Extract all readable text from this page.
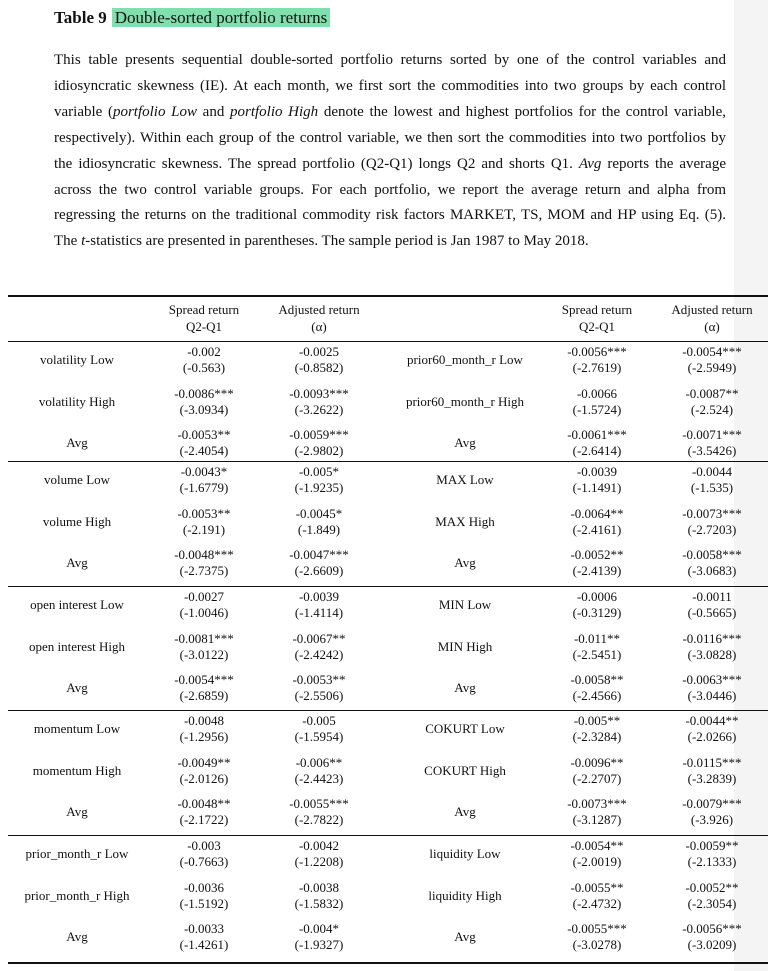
Table 9 Double-sorted portfolio returns
This table presents sequential double-sorted portfolio returns sorted by one of the control variables and idiosyncratic skewness (IE). At each month, we first sort the commodities into two groups by each control variable (portfolio Low and portfolio High denote the lowest and highest portfolios for the control variable, respectively). Within each group of the control variable, we then sort the commodities into two portfolios by the idiosyncratic skewness. The spread portfolio (Q2-Q1) longs Q2 and shorts Q1. Avg reports the average across the two control variable groups. For each portfolio, we report the average return and alpha from regressing the returns on the traditional commodity risk factors MARKET, TS, MOM and HP using Eq. (5). The t-statistics are presented in parentheses. The sample period is Jan 1987 to May 2018.
Spread return
Q2-Q1
Adjusted return
(α)
Spread return
Q2-Q1
Adjusted return
(α)
volatility Low
-0.002
(-0.563)
-0.0025
(-0.8582)
prior60_month_r Low
-0.0056***
(-2.7619)
-0.0054***
(-2.5949)
volatility High
-0.0086***
(-3.0934)
-0.0093***
(-3.2622)
prior60_month_r High
-0.0066
(-1.5724)
-0.0087**
(-2.524)
Avg
-0.0053**
(-2.4054)
-0.0059***
(-2.9802)
Avg
-0.0061***
(-2.6414)
-0.0071***
(-3.5426)
volume Low
-0.0043*
(-1.6779)
-0.005*
(-1.9235)
MAX Low
-0.0039
(-1.1491)
-0.0044
(-1.535)
volume High
-0.0053**
(-2.191)
-0.0045*
(-1.849)
MAX High
-0.0064**
(-2.4161)
-0.0073***
(-2.7203)
Avg
-0.0048***
(-2.7375)
-0.0047***
(-2.6609)
Avg
-0.0052**
(-2.4139)
-0.0058***
(-3.0683)
open interest Low
-0.0027
(-1.0046)
-0.0039
(-1.4114)
MIN Low
-0.0006
(-0.3129)
-0.0011
(-0.5665)
open interest High
-0.0081***
(-3.0122)
-0.0067**
(-2.4242)
MIN High
-0.011**
(-2.5451)
-0.0116***
(-3.0828)
Avg
-0.0054***
(-2.6859)
-0.0053**
(-2.5506)
Avg
-0.0058**
(-2.4566)
-0.0063***
(-3.0446)
momentum Low
-0.0048
(-1.2956)
-0.005
(-1.5954)
COKURT Low
-0.005**
(-2.3284)
-0.0044**
(-2.0266)
momentum High
-0.0049**
(-2.0126)
-0.006**
(-2.4423)
COKURT High
-0.0096**
(-2.2707)
-0.0115***
(-3.2839)
Avg
-0.0048**
(-2.1722)
-0.0055***
(-2.7822)
Avg
-0.0073***
(-3.1287)
-0.0079***
(-3.926)
prior_month_r Low
-0.003
(-0.7663)
-0.0042
(-1.2208)
liquidity Low
-0.0054**
(-2.0019)
-0.0059**
(-2.1333)
prior_month_r High
-0.0036
(-1.5192)
-0.0038
(-1.5832)
liquidity High
-0.0055**
(-2.4732)
-0.0052**
(-2.3054)
Avg
-0.0033
(-1.4261)
-0.004*
(-1.9327)
Avg
-0.0055***
(-3.0278)
-0.0056***
(-3.0209)
